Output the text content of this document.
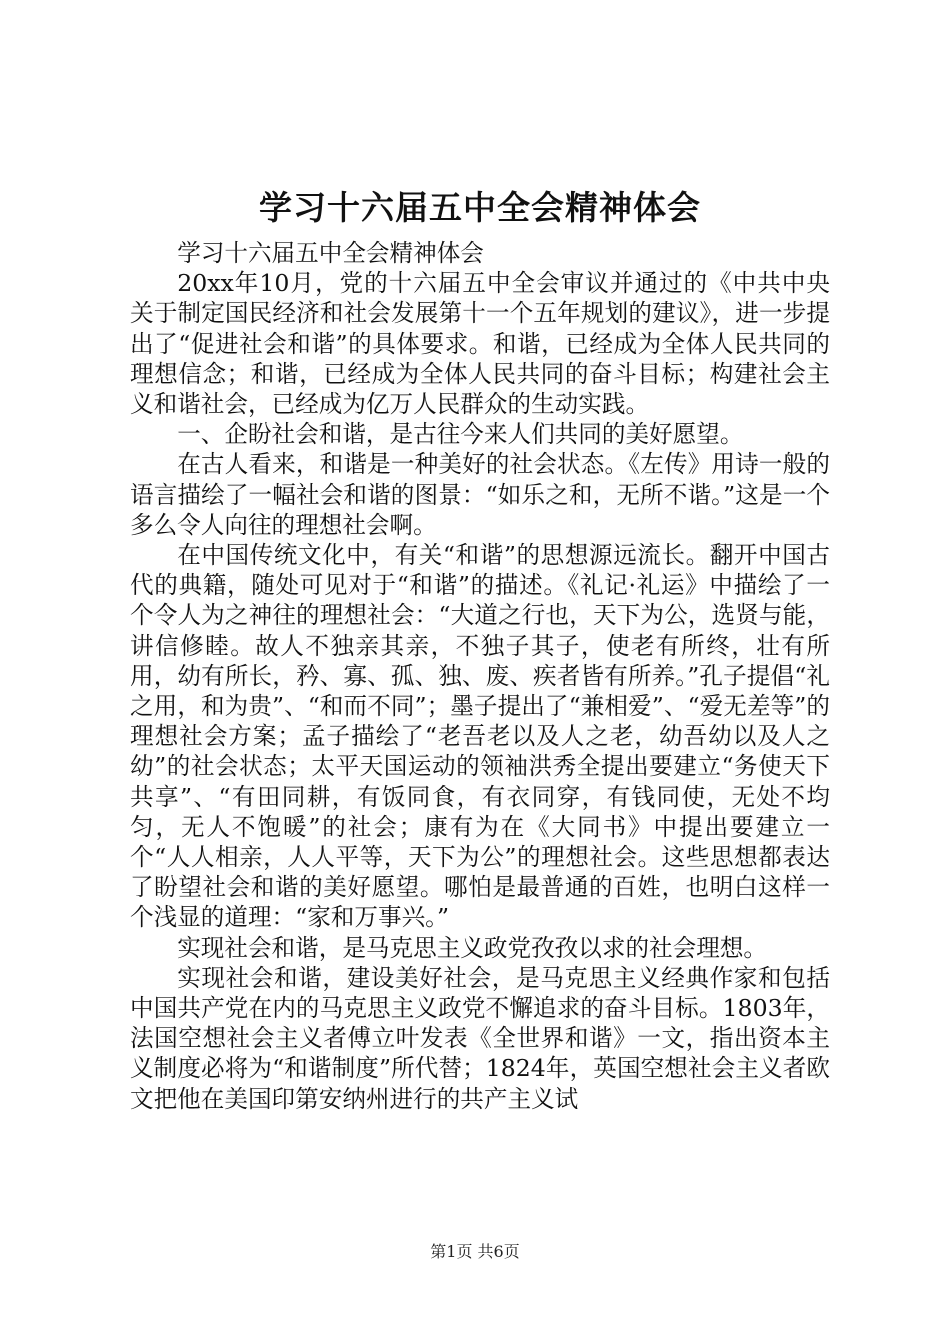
学习十六届五中全会精神体会

学习十六届五中全会精神体会

20xx年10月，党的十六届五中全会审议并通过的《中共中央关于制定国民经济和社会发展第十一个五年规划的建议》，进一步提出了“促进社会和谐”的具体要求。和谐，已经成为全体人民共同的理想信念；和谐，已经成为全体人民共同的奋斗目标；构建社会主义和谐社会，已经成为亿万人民群众的生动实践。

一、企盼社会和谐，是古往今来人们共同的美好愿望。

在古人看来，和谐是一种美好的社会状态。《左传》用诗一般的语言描绘了一幅社会和谐的图景：“如乐之和，无所不谐。”这是一个多么令人向往的理想社会啊。

在中国传统文化中，有关“和谐”的思想源远流长。翻开中国古代的典籍，随处可见对于“和谐”的描述。《礼记·礼运》中描绘了一个令人为之神往的理想社会：“大道之行也，天下为公，选贤与能，讲信修睦。故人不独亲其亲，不独子其子，使老有所终，壮有所用，幼有所长，矜、寡、孤、独、废、疾者皆有所养。”孔子提倡“礼之用，和为贵”、“和而不同”；墨子提出了“兼相爱”、“爱无差等”的理想社会方案；孟子描绘了“老吾老以及人之老，幼吾幼以及人之幼”的社会状态；太平天国运动的领袖洪秀全提出要建立“务使天下共享”、“有田同耕，有饭同食，有衣同穿，有钱同使，无处不均匀，无人不饱暖”的社会；康有为在《大同书》中提出要建立一个“人人相亲，人人平等，天下为公”的理想社会。这些思想都表达了盼望社会和谐的美好愿望。哪怕是最普通的百姓，也明白这样一个浅显的道理：“家和万事兴。”

实现社会和谐，是马克思主义政党孜孜以求的社会理想。

实现社会和谐，建设美好社会，是马克思主义经典作家和包括中国共产党在内的马克思主义政党不懈追求的奋斗目标。1803年，法国空想社会主义者傅立叶发表《全世界和谐》一文，指出资本主义制度必将为“和谐制度”所代替；1824年，英国空想社会主义者欧文把他在美国印第安纳州进行的共产主义试

第1页 共6页
